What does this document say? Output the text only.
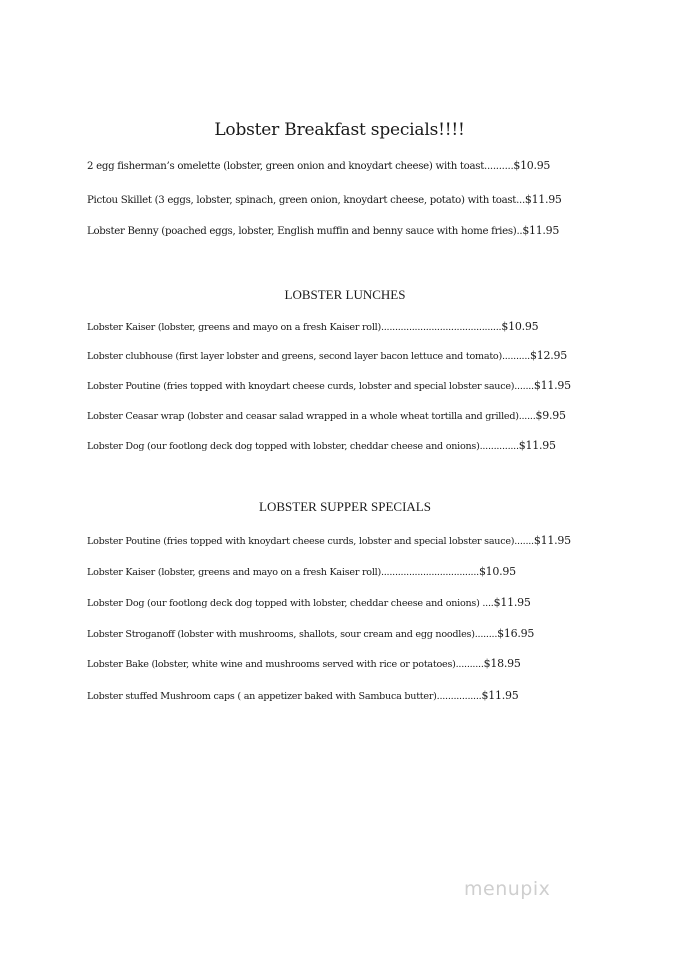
Lobster Breakfast specials!!!!
2 egg fisherman’s omelette (lobster, green onion and knoydart cheese) with toast..........$10.95
Pictou Skillet (3 eggs, lobster, spinach, green onion, knoydart cheese, potato) with toast...$11.95
Lobster Benny (poached eggs, lobster, English muffin and benny sauce with home fries)..$11.95
LOBSTER LUNCHES
Lobster Kaiser (lobster, greens and mayo on a fresh Kaiser roll)...........................................$10.95
Lobster clubhouse (first layer lobster and greens, second layer bacon lettuce and tomato)..........$12.95
Lobster Poutine (fries topped with knoydart cheese curds, lobster and special lobster sauce).......$11.95
Lobster Ceasar wrap (lobster and ceasar salad wrapped in a whole wheat tortilla and grilled)......$9.95
Lobster Dog (our footlong deck dog topped with lobster, cheddar cheese and onions)..............$11.95
LOBSTER SUPPER SPECIALS
Lobster Poutine (fries topped with knoydart cheese curds, lobster and special lobster sauce).......$11.95
Lobster Kaiser (lobster, greens and mayo on a fresh Kaiser roll)...................................$10.95
Lobster Dog (our footlong deck dog topped with lobster, cheddar cheese and onions) ....$11.95
Lobster Stroganoff (lobster with mushrooms, shallots, sour cream and egg noodles)........$16.95
Lobster Bake (lobster, white wine and mushrooms served with rice or potatoes)..........$18.95
Lobster stuffed Mushroom caps ( an appetizer baked with Sambuca butter)................$11.95
menupix
